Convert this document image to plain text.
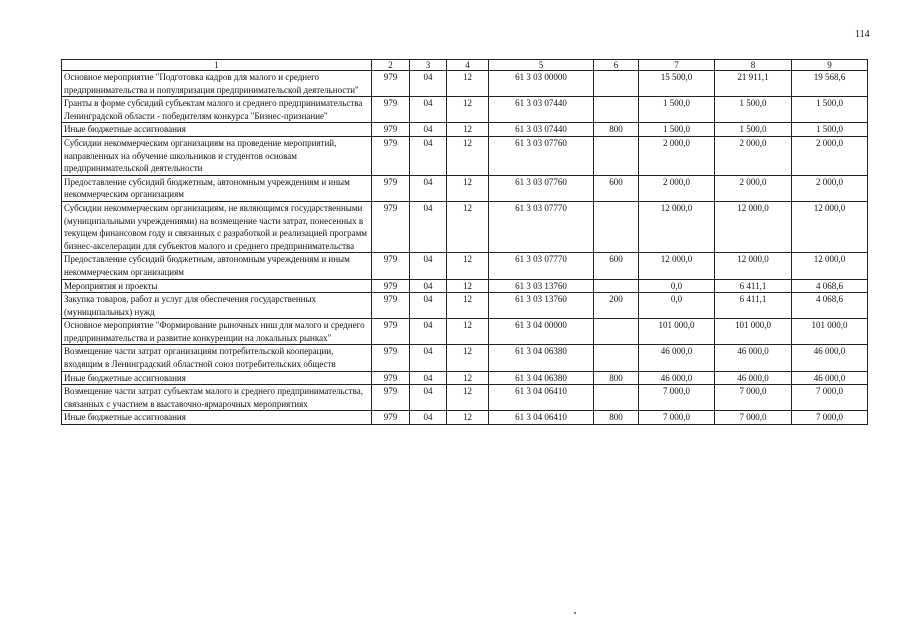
114
1	2	3	4	5	6	7	8	9
Основное мероприятие "Подготовка кадров для малого и среднего предпринимательства и популяризация предпринимательской деятельности"	979	04	12	61 3 03 00000		15 500,0	21 911,1	19 568,6
Гранты в форме субсидий субъектам малого и среднего предпринимательства Ленинградской области - победителям конкурса "Бизнес-признание"	979	04	12	61 3 03 07440		1 500,0	1 500,0	1 500,0
Иные бюджетные ассигнования	979	04	12	61 3 03 07440	800	1 500,0	1 500,0	1 500,0
Субсидии некоммерческим организациям на проведение мероприятий, направленных на обучение школьников и студентов основам предпринимательской деятельности	979	04	12	61 3 03 07760		2 000,0	2 000,0	2 000,0
Предоставление субсидий бюджетным, автономным учреждениям и иным некоммерческим организациям	979	04	12	61 3 03 07760	600	2 000,0	2 000,0	2 000,0
Субсидии некоммерческим организациям, не являющимся государственными (муниципальными учреждениями) на возмещение части затрат, понесенных в текущем финансовом году и связанных с разработкой и реализацией программ бизнес-акселерации для субъектов малого и среднего предпринимательства	979	04	12	61 3 03 07770		12 000,0	12 000,0	12 000,0
Предоставление субсидий бюджетным, автономным учреждениям и иным некоммерческим организациям	979	04	12	61 3 03 07770	600	12 000,0	12 000,0	12 000,0
Мероприятия и проекты	979	04	12	61 3 03 13760		0,0	6 411,1	4 068,6
Закупка товаров, работ и услуг для обеспечения государственных (муниципальных) нужд	979	04	12	61 3 03 13760	200	0,0	6 411,1	4 068,6
Основное мероприятие "Формирование рыночных ниш для малого и среднего предпринимательства и развитие конкуренции на локальных рынках"	979	04	12	61 3 04 00000		101 000,0	101 000,0	101 000,0
Возмещение части затрат организациям потребительской кооперации, входящим в Ленинградский областной союз потребительских обществ	979	04	12	61 3 04 06380		46 000,0	46 000,0	46 000,0
Иные бюджетные ассигнования	979	04	12	61 3 04 06380	800	46 000,0	46 000,0	46 000,0
Возмещение части затрат субъектам малого и среднего предпринимательства, связанных с участием в выставочно-ярмарочных мероприятиях	979	04	12	61 3 04 06410		7 000,0	7 000,0	7 000,0
Иные бюджетные ассигнования	979	04	12	61 3 04 06410	800	7 000,0	7 000,0	7 000,0
